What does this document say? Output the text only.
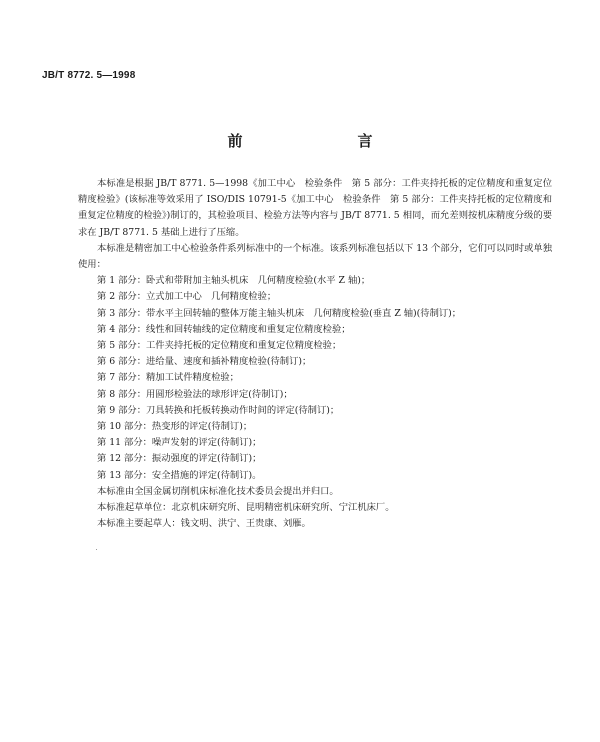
JB/T 8772. 5—1998
前　言

本标准是根据 JB/T 8771. 5—1998《加工中心　检验条件　第 5 部分：工件夹持托板的定位精度和重复定位精度检验》(该标准等效采用了 ISO/DIS 10791-5《加工中心　检验条件　第 5 部分：工件夹持托板的定位精度和重复定位精度的检验》)制订的，其检验项目、检验方法等内容与 JB/T 8771. 5 相同，而允差则按机床精度分级的要求在 JB/T 8771. 5 基础上进行了压缩。

本标准是精密加工中心检验条件系列标准中的一个标准。该系列标准包括以下 13 个部分，它们可以同时或单独使用：

第 1 部分：卧式和带附加主轴头机床　几何精度检验(水平 Z 轴)；

第 2 部分：立式加工中心　几何精度检验；

第 3 部分：带水平主回转轴的整体万能主轴头机床　几何精度检验(垂直 Z 轴)(待制订)；

第 4 部分：线性和回转轴线的定位精度和重复定位精度检验；

第 5 部分：工件夹持托板的定位精度和重复定位精度检验；

第 6 部分：进给量、速度和插补精度检验(待制订)；

第 7 部分：精加工试件精度检验；

第 8 部分：用圆形检验法的球形评定(待制订)；

第 9 部分：刀具转换和托板转换动作时间的评定(待制订)；

第 10 部分：热变形的评定(待制订)；

第 11 部分：噪声发射的评定(待制订)；

第 12 部分：振动强度的评定(待制订)；

第 13 部分：安全措施的评定(待制订)。

本标准由全国金属切削机床标准化技术委员会提出并归口。

本标准起草单位：北京机床研究所、昆明精密机床研究所、宁江机床厂。

本标准主要起草人：钱文明、洪宁、王贵康、刘雁。
